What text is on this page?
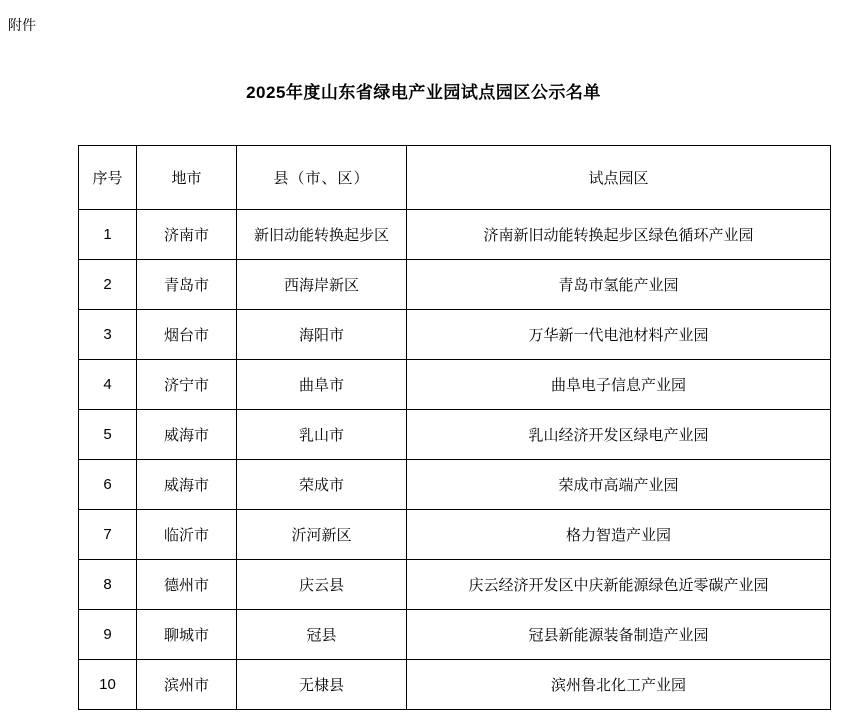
附件
2025年度山东省绿电产业园试点园区公示名单
序号	地市	县（市、区）	试点园区
1	济南市	新旧动能转换起步区	济南新旧动能转换起步区绿色循环产业园
2	青岛市	西海岸新区	青岛市氢能产业园
3	烟台市	海阳市	万华新一代电池材料产业园
4	济宁市	曲阜市	曲阜电子信息产业园
5	威海市	乳山市	乳山经济开发区绿电产业园
6	威海市	荣成市	荣成市高端产业园
7	临沂市	沂河新区	格力智造产业园
8	德州市	庆云县	庆云经济开发区中庆新能源绿色近零碳产业园
9	聊城市	冠县	冠县新能源装备制造产业园
10	滨州市	无棣县	滨州鲁北化工产业园
